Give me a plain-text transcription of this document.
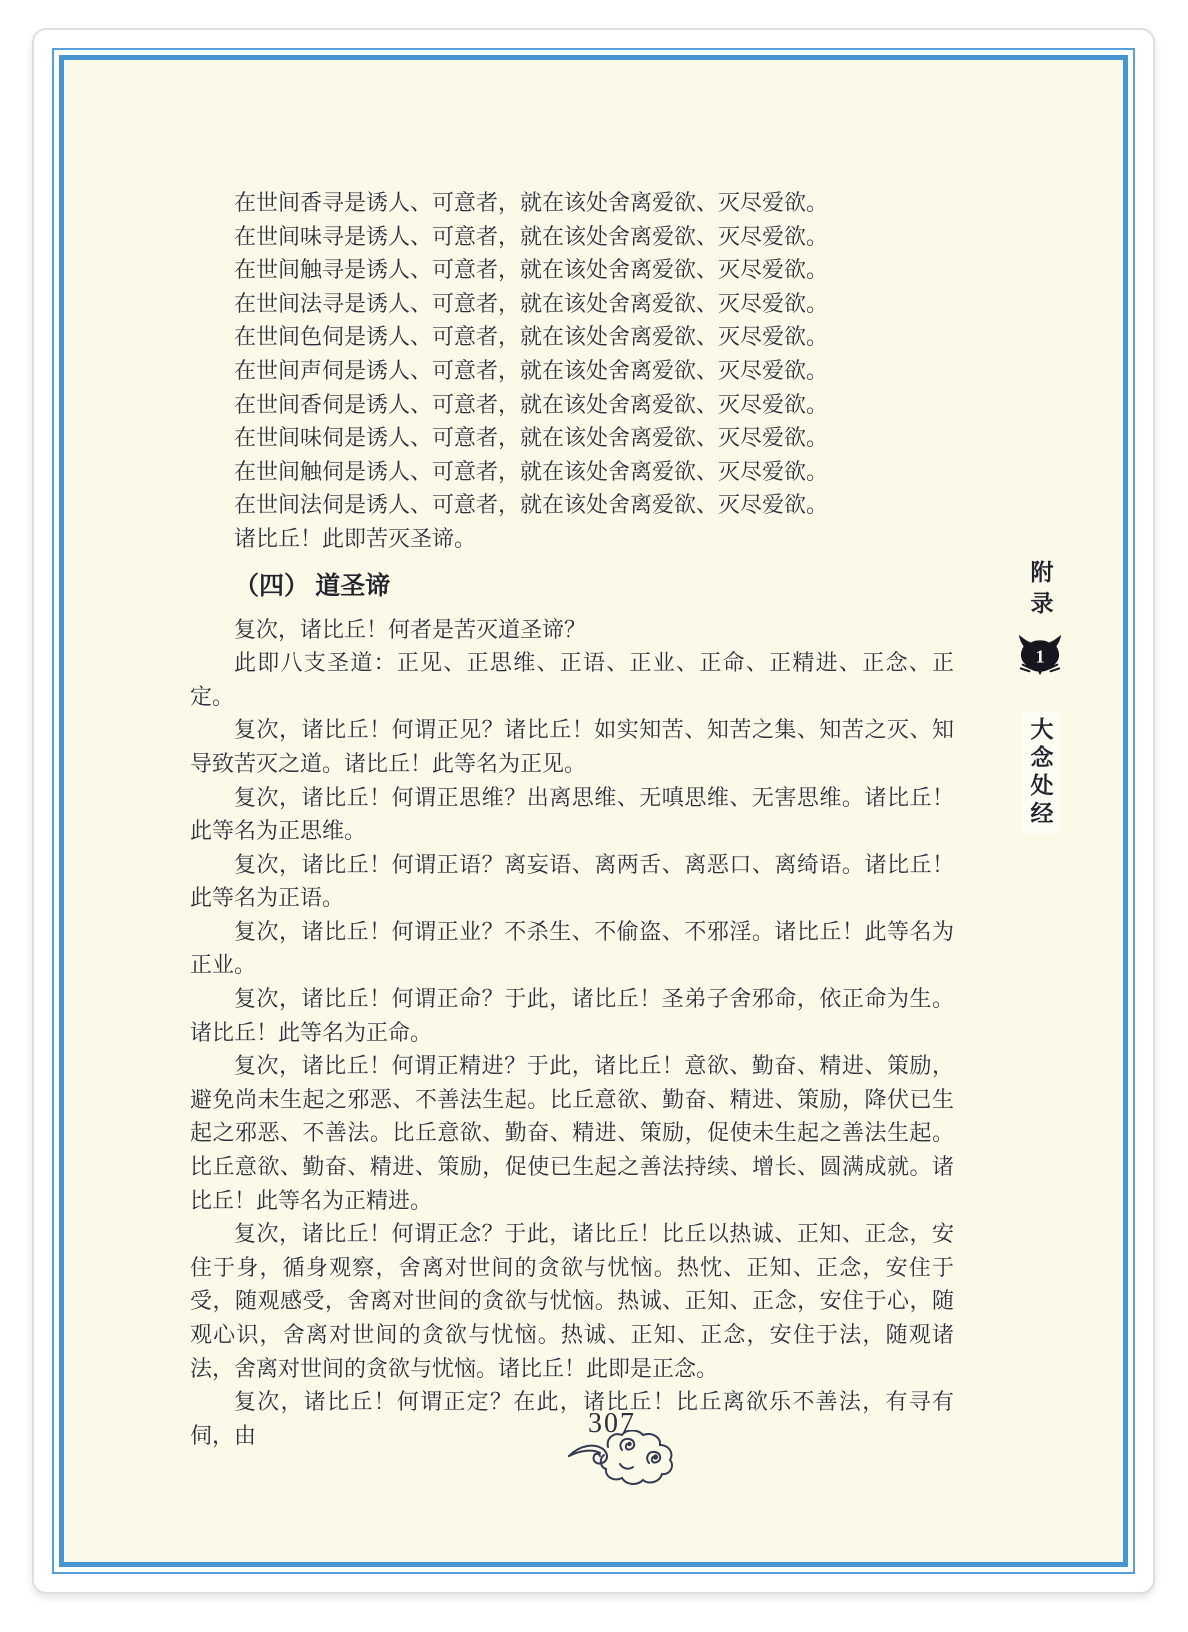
在世间香寻是诱人、可意者，就在该处舍离爱欲、灭尽爱欲。
在世间味寻是诱人、可意者，就在该处舍离爱欲、灭尽爱欲。
在世间触寻是诱人、可意者，就在该处舍离爱欲、灭尽爱欲。
在世间法寻是诱人、可意者，就在该处舍离爱欲、灭尽爱欲。
在世间色伺是诱人、可意者，就在该处舍离爱欲、灭尽爱欲。
在世间声伺是诱人、可意者，就在该处舍离爱欲、灭尽爱欲。
在世间香伺是诱人、可意者，就在该处舍离爱欲、灭尽爱欲。
在世间味伺是诱人、可意者，就在该处舍离爱欲、灭尽爱欲。
在世间触伺是诱人、可意者，就在该处舍离爱欲、灭尽爱欲。
在世间法伺是诱人、可意者，就在该处舍离爱欲、灭尽爱欲。
诸比丘！此即苦灭圣谛。
（四） 道圣谛

复次，诸比丘！何者是苦灭道圣谛？

此即八支圣道：正见、正思维、正语、正业、正命、正精进、正念、正定。

复次，诸比丘！何谓正见？诸比丘！如实知苦、知苦之集、知苦之灭、知导致苦灭之道。诸比丘！此等名为正见。

复次，诸比丘！何谓正思维？出离思维、无嗔思维、无害思维。诸比丘！此等名为正思维。

复次，诸比丘！何谓正语？离妄语、离两舌、离恶口、离绮语。诸比丘！此等名为正语。

复次，诸比丘！何谓正业？不杀生、不偷盗、不邪淫。诸比丘！此等名为正业。

复次，诸比丘！何谓正命？于此，诸比丘！圣弟子舍邪命，依正命为生。诸比丘！此等名为正命。

复次，诸比丘！何谓正精进？于此，诸比丘！意欲、勤奋、精进、策励，避免尚未生起之邪恶、不善法生起。比丘意欲、勤奋、精进、策励，降伏已生起之邪恶、不善法。比丘意欲、勤奋、精进、策励，促使未生起之善法生起。比丘意欲、勤奋、精进、策励，促使已生起之善法持续、增长、圆满成就。诸比丘！此等名为正精进。

复次，诸比丘！何谓正念？于此，诸比丘！比丘以热诚、正知、正念，安住于身，循身观察，舍离对世间的贪欲与忧恼。热忱、正知、正念，安住于受，随观感受，舍离对世间的贪欲与忧恼。热诚、正知、正念，安住于心，随观心识，舍离对世间的贪欲与忧恼。热诚、正知、正念，安住于法，随观诸法，舍离对世间的贪欲与忧恼。诸比丘！此即是正念。

复次，诸比丘！何谓正定？在此，诸比丘！比丘离欲乐不善法，有寻有伺，由

附录
1
大念处经
307
